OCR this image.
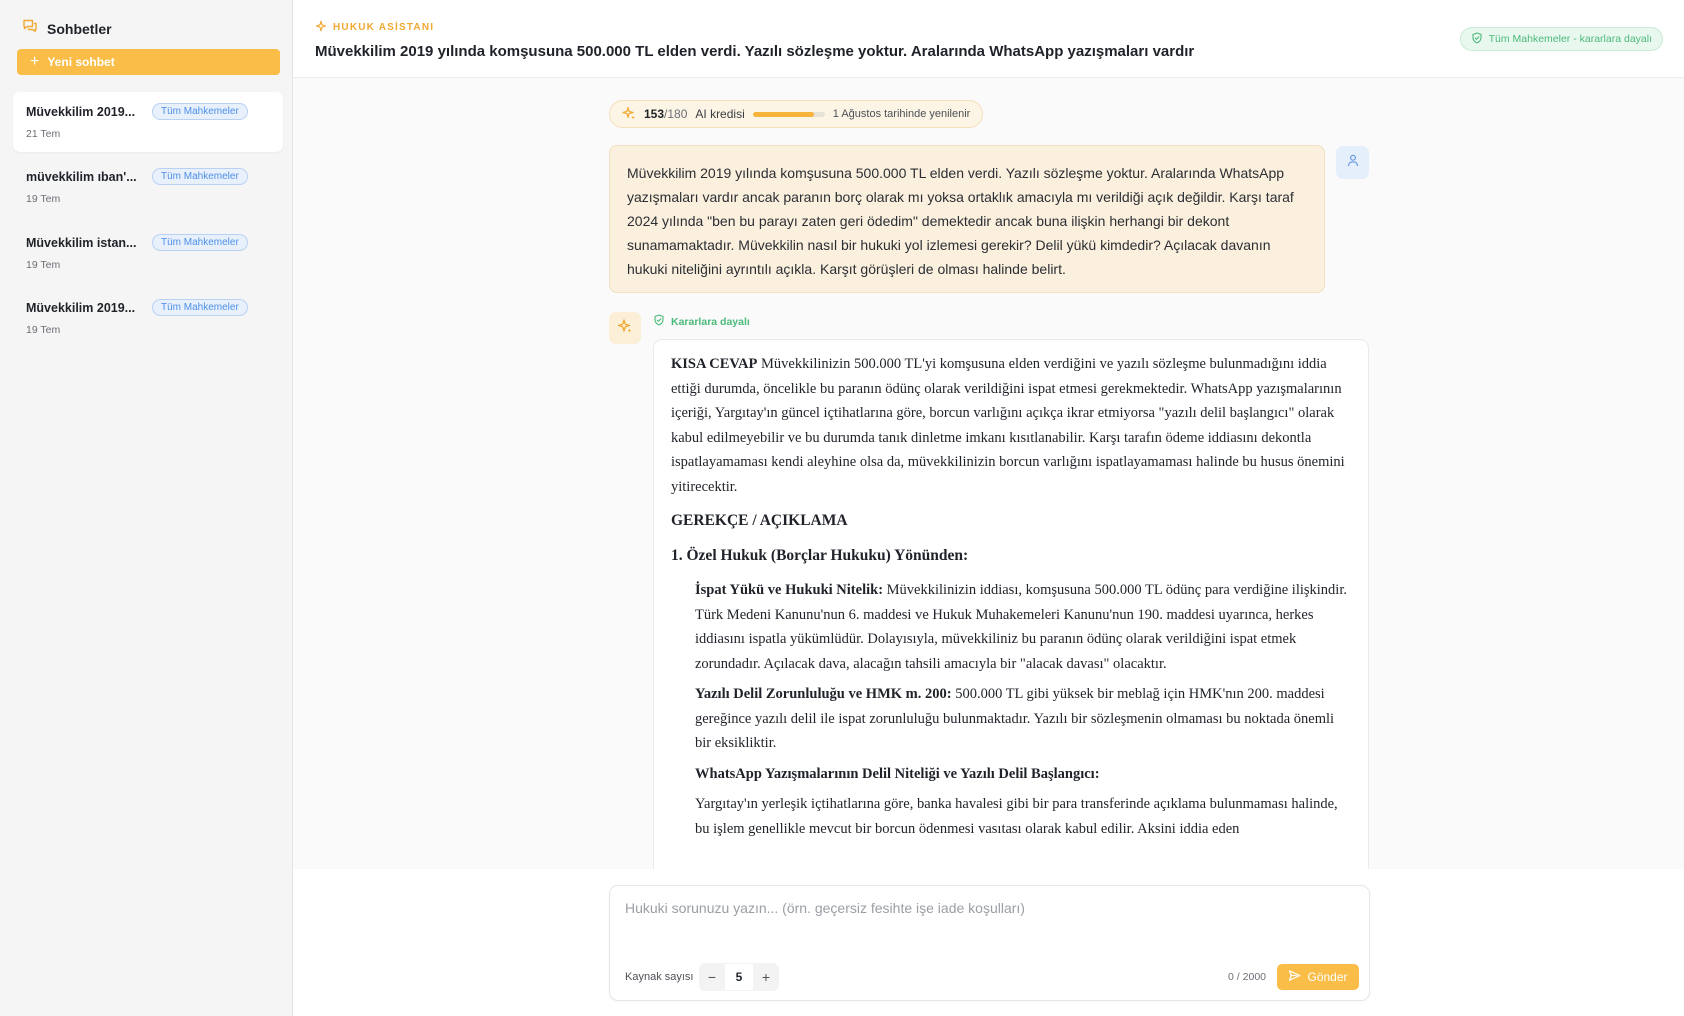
Sohbetler
+ Yeni sohbet
Müvekkilim 2019...	Tüm Mahkemeler
21 Tem
müvekkilim ıban'...	Tüm Mahkemeler
19 Tem
Müvekkilim istan...	Tüm Mahkemeler
19 Tem
Müvekkilim 2019...	Tüm Mahkemeler
19 Tem
HUKUK ASİSTANI
Müvekkilim 2019 yılında komşusuna 500.000 TL elden verdi. Yazılı sözleşme yoktur. Aralarında WhatsApp yazışmaları vardır
Tüm Mahkemeler - kararlara dayalı
153 /180 AI kredisi	1 Ağustos tarihinde yenilenir
Müvekkilim 2019 yılında komşusuna 500.000 TL elden verdi. Yazılı sözleşme yoktur. Aralarında WhatsApp yazışmaları vardır ancak paranın borç olarak mı yoksa ortaklık amacıyla mı verildiği açık değildir. Karşı taraf 2024 yılında "ben bu parayı zaten geri ödedim" demektedir ancak buna ilişkin herhangi bir dekont sunamamaktadır. Müvekkilin nasıl bir hukuki yol izlemesi gerekir? Delil yükü kimdedir? Açılacak davanın hukuki niteliğini ayrıntılı açıkla. Karşıt görüşleri de olması halinde belirt.
Kararlara dayalı

KISA CEVAP Müvekkilinizin 500.000 TL'yi komşusuna elden verdiğini ve yazılı sözleşme bulunmadığını iddia ettiği durumda, öncelikle bu paranın ödünç olarak verildiğini ispat etmesi gerekmektedir. WhatsApp yazışmalarının içeriği, Yargıtay'ın güncel içtihatlarına göre, borcun varlığını açıkça ikrar etmiyorsa "yazılı delil başlangıcı" olarak kabul edilmeyebilir ve bu durumda tanık dinletme imkanı kısıtlanabilir. Karşı tarafın ödeme iddiasını dekontla ispatlayamaması kendi aleyhine olsa da, müvekkilinizin borcun varlığını ispatlayamaması halinde bu husus önemini yitirecektir.

GEREKÇE / AÇIKLAMA
1. Özel Hukuk (Borçlar Hukuku) Yönünden:
İspat Yükü ve Hukuki Nitelik: Müvekkilinizin iddiası, komşusuna 500.000 TL ödünç para verdiğine ilişkindir. Türk Medeni Kanunu'nun 6. maddesi ve Hukuk Muhakemeleri Kanunu'nun 190. maddesi uyarınca, herkes iddiasını ispatla yükümlüdür. Dolayısıyla, müvekkiliniz bu paranın ödünç olarak verildiğini ispat etmek zorundadır. Açılacak dava, alacağın tahsili amacıyla bir "alacak davası" olacaktır.
Yazılı Delil Zorunluluğu ve HMK m. 200: 500.000 TL gibi yüksek bir meblağ için HMK'nın 200. maddesi gereğince yazılı delil ile ispat zorunluluğu bulunmaktadır. Yazılı bir sözleşmenin olmaması bu noktada önemli bir eksikliktir.
WhatsApp Yazışmalarının Delil Niteliği ve Yazılı Delil Başlangıcı:
Yargıtay'ın yerleşik içtihatlarına göre, banka havalesi gibi bir para transferinde açıklama bulunmaması halinde, bu işlem genellikle mevcut bir borcun ödenmesi vasıtası olarak kabul edilir. Aksini iddia eden
Hukuki sorunuzu yazın... (örn. geçersiz fesihte işe iade koşulları)
Kaynak sayısı	−	5	+	0 / 2000	Gönder
